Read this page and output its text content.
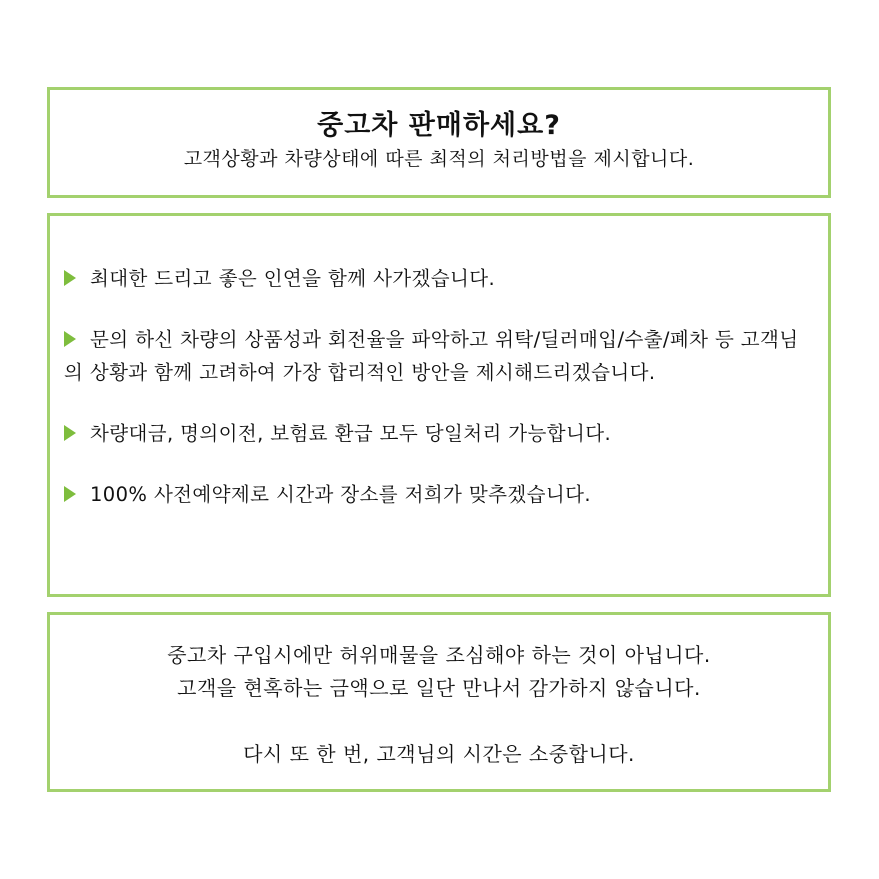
중고차 판매하세요?
고객상황과 차량상태에 따른 최적의 처리방법을 제시합니다.
최대한 드리고 좋은 인연을 함께 사가겠습니다.
문의 하신 차량의 상품성과 회전율을 파악하고 위탁/딜러매입/수출/폐차 등 고객님의 상황과 함께 고려하여 가장 합리적인 방안을 제시해드리겠습니다.
차량대금, 명의이전, 보험료 환급 모두 당일처리 가능합니다.
100% 사전예약제로 시간과 장소를 저희가 맞추겠습니다.
중고차 구입시에만 허위매물을 조심해야 하는 것이 아닙니다.
고객을 현혹하는 금액으로 일단 만나서 감가하지 않습니다.
다시 또 한 번, 고객님의 시간은 소중합니다.
